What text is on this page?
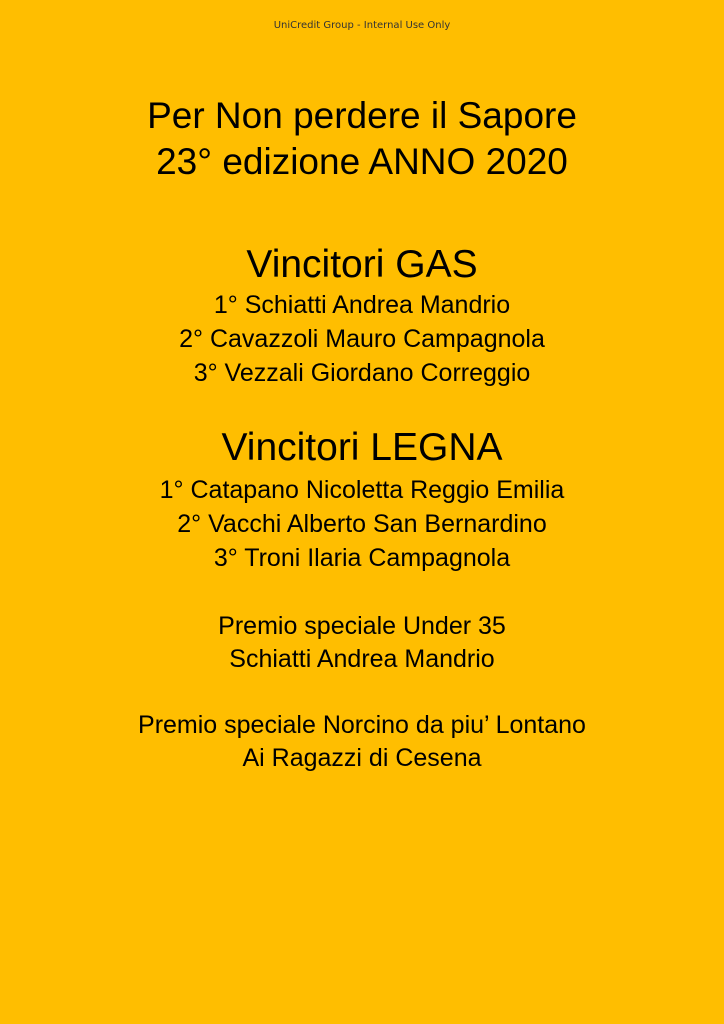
UniCredit Group - Internal Use Only
Per Non perdere il Sapore
23° edizione ANNO 2020
Vincitori GAS
1° Schiatti Andrea Mandrio
2° Cavazzoli Mauro Campagnola
3° Vezzali Giordano Correggio
Vincitori LEGNA
1° Catapano Nicoletta Reggio Emilia
2° Vacchi Alberto San Bernardino
3° Troni Ilaria Campagnola
Premio speciale Under 35
Schiatti Andrea Mandrio
Premio speciale Norcino da piu’ Lontano
Ai Ragazzi di Cesena
